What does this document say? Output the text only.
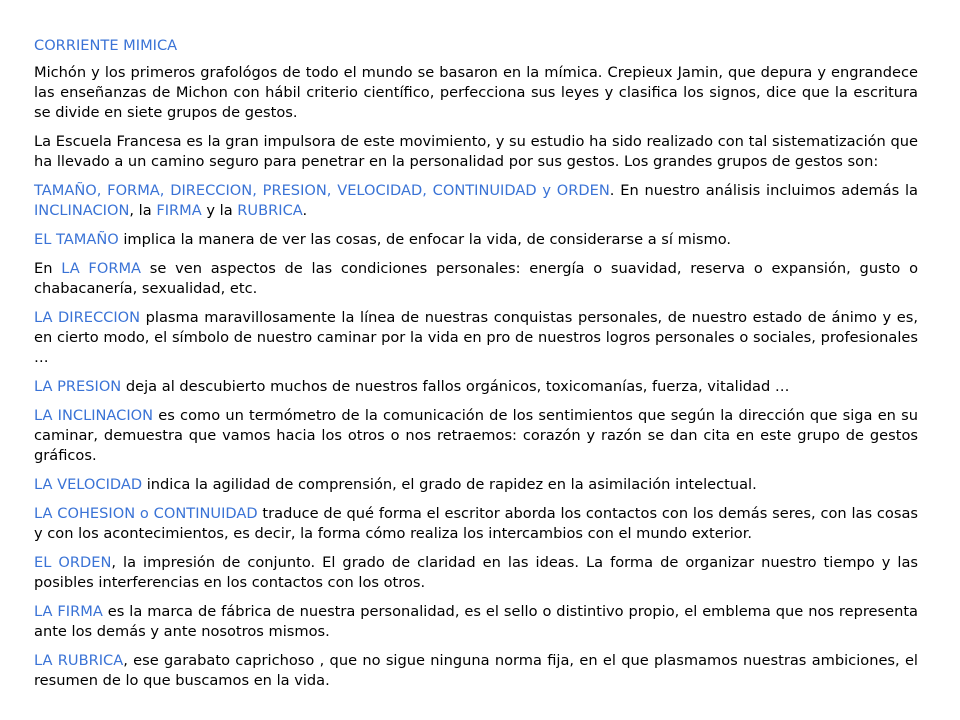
CORRIENTE MIMICA

Michón y los primeros grafológos de todo el mundo se basaron en la mímica. Crepieux Jamin, que depura y engrandece las enseñanzas de Michon con hábil criterio científico, perfecciona sus leyes y clasifica los signos, dice que la escritura se divide en siete grupos de gestos.

La Escuela Francesa es la gran impulsora de este movimiento, y su estudio ha sido realizado con tal sistematización que ha llevado a un camino seguro para penetrar en la personalidad por sus gestos. Los grandes grupos de gestos son:

TAMAÑO, FORMA, DIRECCION, PRESION, VELOCIDAD, CONTINUIDAD y ORDEN. En nuestro análisis incluimos además la INCLINACION, la FIRMA y la RUBRICA.

EL TAMAÑO implica la manera de ver las cosas, de enfocar la vida, de considerarse a sí mismo.

En LA FORMA se ven aspectos de las condiciones personales: energía o suavidad, reserva o expansión, gusto o chabacanería, sexualidad, etc.

LA DIRECCION plasma maravillosamente la línea de nuestras conquistas personales, de nuestro estado de ánimo y es, en cierto modo, el símbolo de nuestro caminar por la vida en pro de nuestros logros personales o sociales, profesionales …

LA PRESION deja al descubierto muchos de nuestros fallos orgánicos, toxicomanías, fuerza, vitalidad …

LA INCLINACION es como un termómetro de la comunicación de los sentimientos que según la dirección que siga en su caminar, demuestra que vamos hacia los otros o nos retraemos: corazón y razón se dan cita en este grupo de gestos gráficos.

LA VELOCIDAD indica la agilidad de comprensión, el grado de rapidez en la asimilación intelectual.

LA COHESION o CONTINUIDAD traduce de qué forma el escritor aborda los contactos con los demás seres, con las cosas y con los acontecimientos, es decir, la forma cómo realiza los intercambios con el mundo exterior.

EL ORDEN, la impresión de conjunto. El grado de claridad en las ideas. La forma de organizar nuestro tiempo y las posibles interferencias en los contactos con los otros.

LA FIRMA es la marca de fábrica de nuestra personalidad, es el sello o distintivo propio, el emblema que nos representa ante los demás y ante nosotros mismos.

LA RUBRICA, ese garabato caprichoso , que no sigue ninguna norma fija, en el que plasmamos nuestras ambiciones, el resumen de lo que buscamos en la vida.
